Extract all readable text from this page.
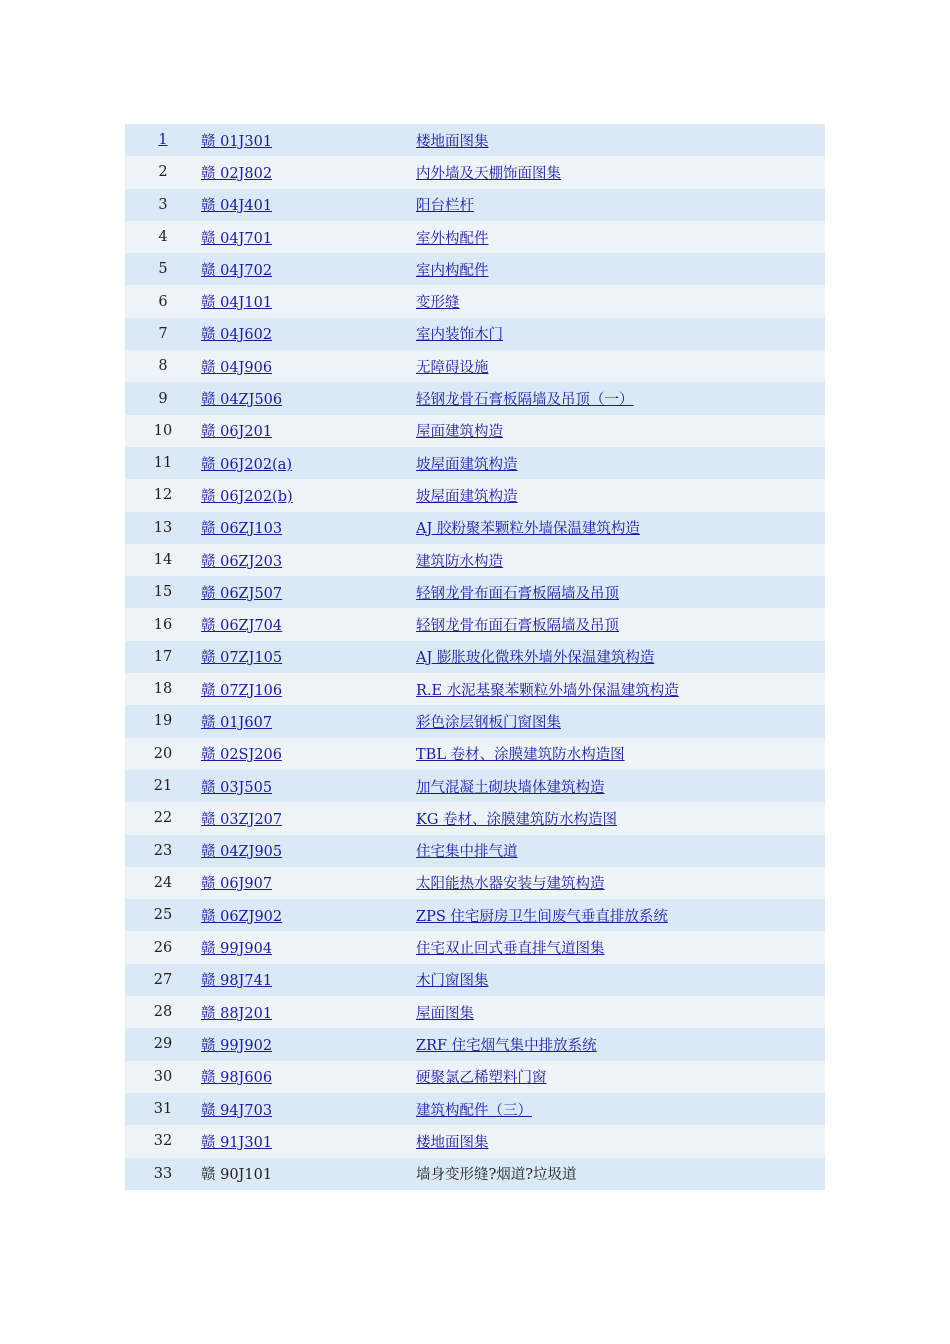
1	赣 01J301	楼地面图集
2	赣 02J802	内外墙及天棚饰面图集
3	赣 04J401	阳台栏杆
4	赣 04J701	室外构配件
5	赣 04J702	室内构配件
6	赣 04J101	变形缝
7	赣 04J602	室内装饰木门
8	赣 04J906	无障碍设施
9	赣 04ZJ506	轻钢龙骨石膏板隔墙及吊顶（一）
10	赣 06J201	屋面建筑构造
11	赣 06J202(a)	坡屋面建筑构造
12	赣 06J202(b)	坡屋面建筑构造
13	赣 06ZJ103	AJ 胶粉聚苯颗粒外墙保温建筑构造
14	赣 06ZJ203	建筑防水构造
15	赣 06ZJ507	轻钢龙骨布面石膏板隔墙及吊顶
16	赣 06ZJ704	轻钢龙骨布面石膏板隔墙及吊顶
17	赣 07ZJ105	AJ 膨胀玻化微珠外墙外保温建筑构造
18	赣 07ZJ106	R.E 水泥基聚苯颗粒外墙外保温建筑构造
19	赣 01J607	彩色涂层钢板门窗图集
20	赣 02SJ206	TBL 卷材、涂膜建筑防水构造图
21	赣 03J505	加气混凝土砌块墙体建筑构造
22	赣 03ZJ207	KG 卷材、涂膜建筑防水构造图
23	赣 04ZJ905	住宅集中排气道
24	赣 06J907	太阳能热水器安装与建筑构造
25	赣 06ZJ902	ZPS 住宅厨房卫生间废气垂直排放系统
26	赣 99J904	住宅双止回式垂直排气道图集
27	赣 98J741	木门窗图集
28	赣 88J201	屋面图集
29	赣 99J902	ZRF 住宅烟气集中排放系统
30	赣 98J606	硬聚氯乙稀塑料门窗
31	赣 94J703	建筑构配件（三）
32	赣 91J301	楼地面图集
33	赣 90J101	墙身变形缝?烟道?垃圾道
